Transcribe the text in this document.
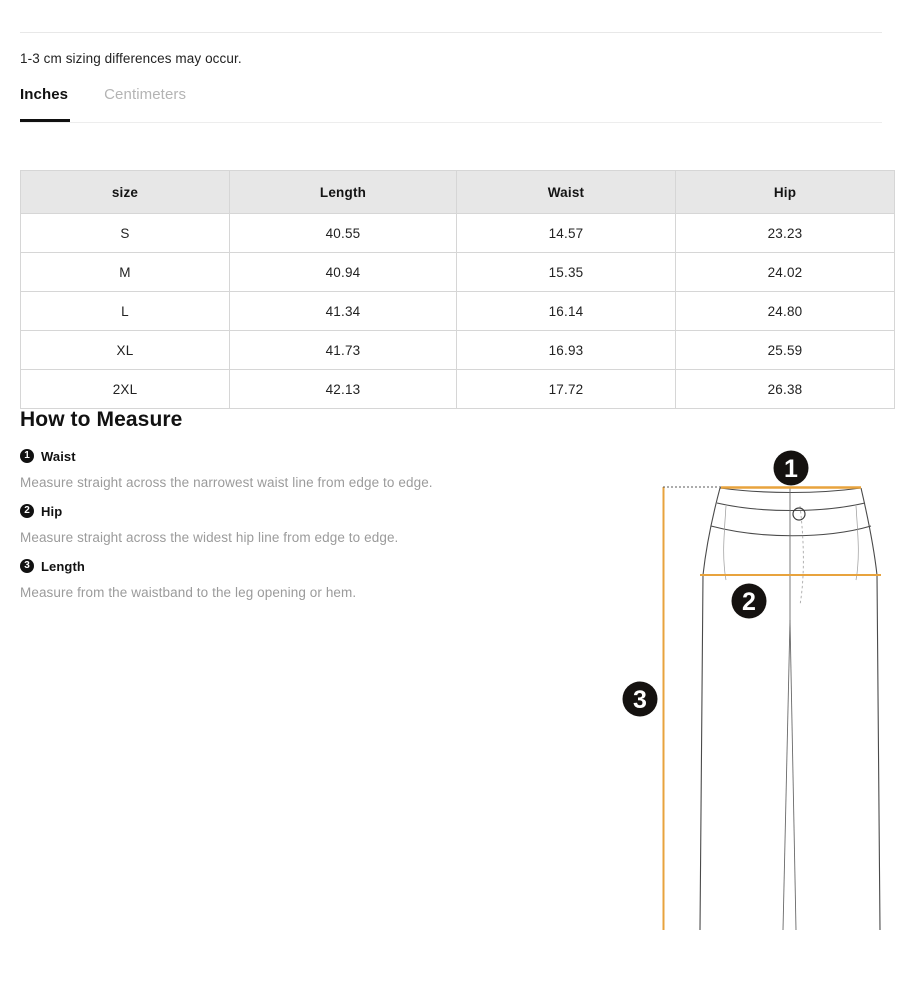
1-3 cm sizing differences may occur.
Inches Centimeters
size	Length	Waist	Hip
S	40.55	14.57	23.23
M	40.94	15.35	24.02
L	41.34	16.14	24.80
XL	41.73	16.93	25.59
2XL	42.13	17.72	26.38
How to Measure
1 Waist
Measure straight across the narrowest waist line from edge to edge.
2 Hip
Measure straight across the widest hip line from edge to edge.
3 Length
Measure from the waistband to the leg opening or hem.
1
2
3
